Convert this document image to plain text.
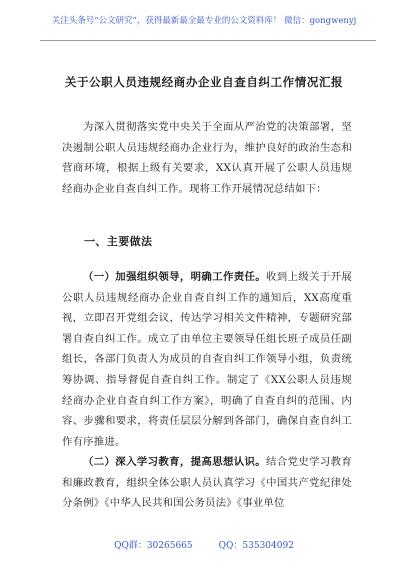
关注头条号“公文研究”，获得最新最全最专业的公文资料库！ 微信：gongwenyj
关于公职人员违规经商办企业自查自纠工作情况汇报
为深入贯彻落实党中央关于全面从严治党的决策部署，坚决遏制公职人员违规经商办企业行为，维护良好的政治生态和营商环境，根据上级有关要求，XX认真开展了公职人员违规经商办企业自查自纠工作。现将工作开展情况总结如下：
一、主要做法
（一）加强组织领导，明确工作责任。收到上级关于开展公职人员违规经商办企业自查自纠工作的通知后，XX高度重视，立即召开党组会议，传达学习相关文件精神，专题研究部署自查自纠工作。成立了由单位主要领导任组长班子成员任副组长，各部门负责人为成员的自查自纠工作领导小组，负责统筹协调、指导督促自查自纠工作。制定了《XX公职人员违规经商办企业自查自纠工作方案》，明确了自查自纠的范围、内容、步骤和要求，将责任层层分解到各部门，确保自查自纠工作有序推进。
（二）深入学习教育，提高思想认识。结合党史学习教育和廉政教育，组织全体公职人员认真学习《中国共产党纪律处分条例》《中华人民共和国公务员法》《事业单位
QQ群：30265665	QQ：535304092
